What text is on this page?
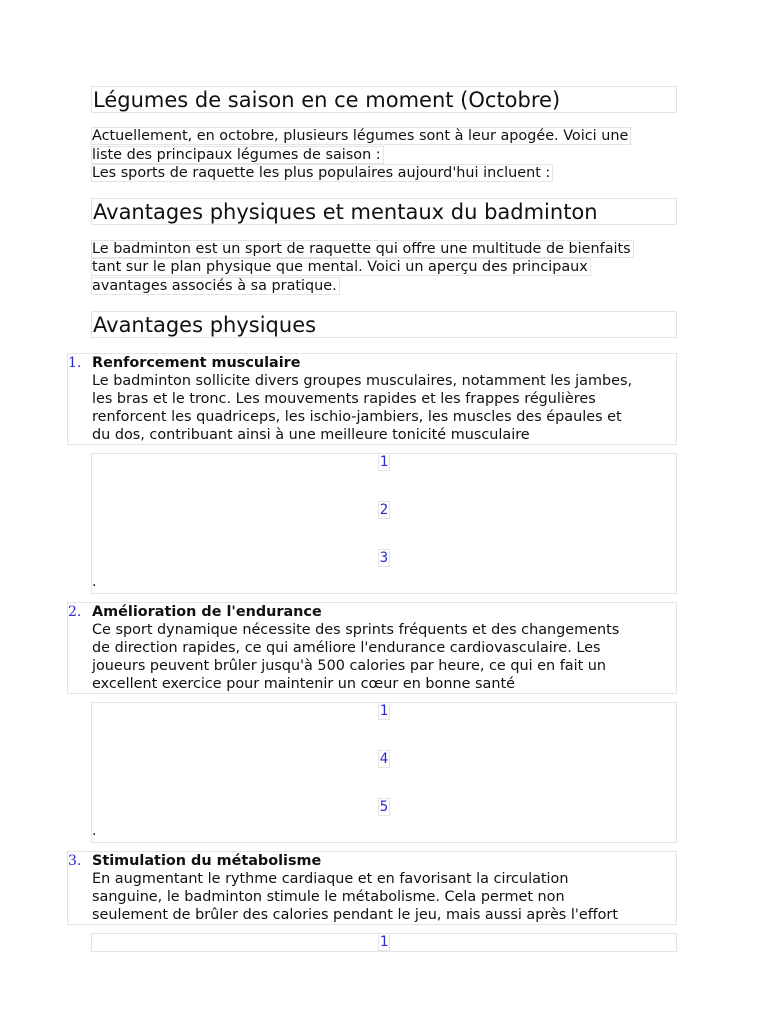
Légumes de saison en ce moment (Octobre)
Actuellement, en octobre, plusieurs légumes sont à leur apogée. Voici une
liste des principaux légumes de saison :
Les sports de raquette les plus populaires aujourd'hui incluent :
Avantages physiques et mentaux du badminton
Le badminton est un sport de raquette qui offre une multitude de bienfaits
tant sur le plan physique que mental. Voici un aperçu des principaux
avantages associés à sa pratique.
Avantages physiques
1. Renforcement musculaire
Le badminton sollicite divers groupes musculaires, notamment les jambes,
les bras et le tronc. Les mouvements rapides et les frappes régulières
renforcent les quadriceps, les ischio-jambiers, les muscles des épaules et
du dos, contribuant ainsi à une meilleure tonicité musculaire
1
2
3
.
2. Amélioration de l'endurance
Ce sport dynamique nécessite des sprints fréquents et des changements
de direction rapides, ce qui améliore l'endurance cardiovasculaire. Les
joueurs peuvent brûler jusqu'à 500 calories par heure, ce qui en fait un
excellent exercice pour maintenir un cœur en bonne santé
1
4
5
.
3. Stimulation du métabolisme
En augmentant le rythme cardiaque et en favorisant la circulation
sanguine, le badminton stimule le métabolisme. Cela permet non
seulement de brûler des calories pendant le jeu, mais aussi après l'effort
1
